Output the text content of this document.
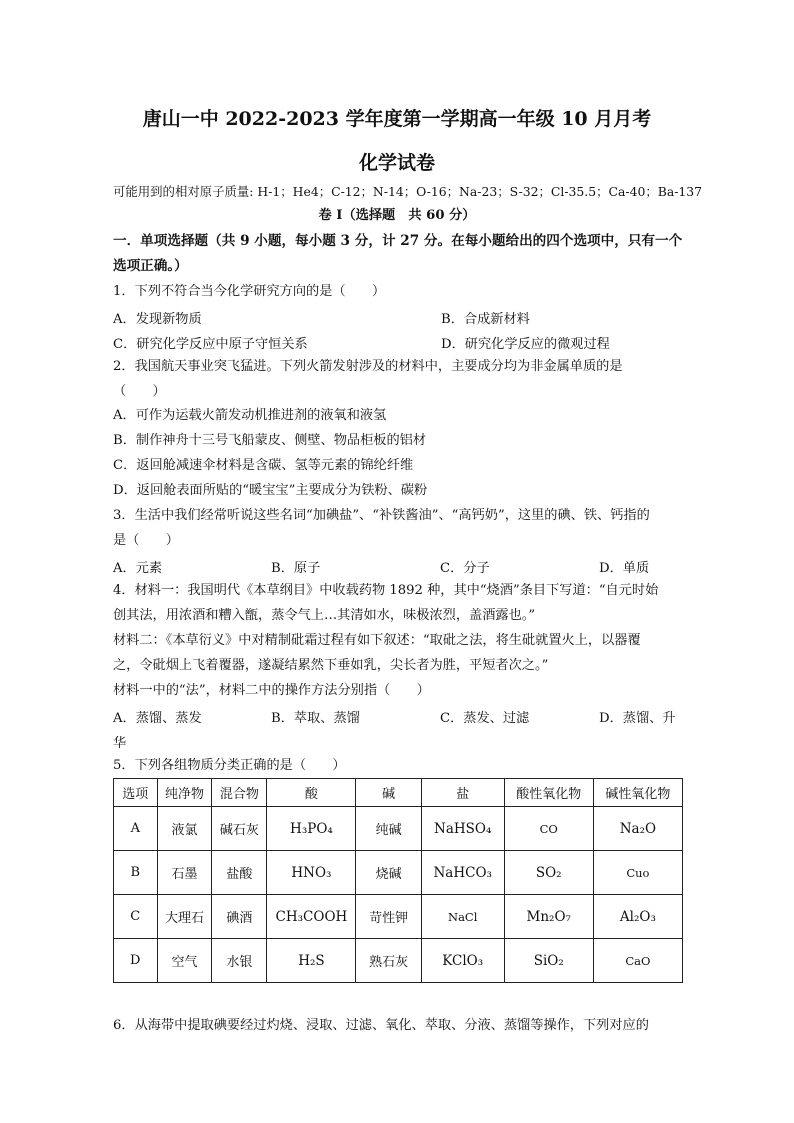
唐山一中 2022-2023 学年度第一学期高一年级 10 月月考
化学试卷
可能用到的相对原子质量: H-1；He4；C-12；N-14；O-16；Na-23；S-32；Cl-35.5；Ca-40；Ba-137
卷 I（选择题　共 60 分）
一．单项选择题（共 9 小题，每小题 3 分，计 27 分。在每小题给出的四个选项中，只有一个
选项正确。）
1．下列不符合当今化学研究方向的是（　　）
A．发现新物质	B．合成新材料
C．研究化学反应中原子守恒关系	D．研究化学反应的微观过程
2．我国航天事业突飞猛进。下列火箭发射涉及的材料中，主要成分均为非金属单质的是
（　　）
A．可作为运载火箭发动机推进剂的液氧和液氢
B．制作神舟十三号飞船蒙皮、侧壁、物品柜板的铝材
C．返回舱减速伞材料是含碳、氢等元素的锦纶纤维
D．返回舱表面所贴的“暖宝宝”主要成分为铁粉、碳粉
3．生活中我们经常听说这些名词“加碘盐”、“补铁酱油”、“高钙奶”，这里的碘、铁、钙指的
是（　　）
A．元素	B．原子	C．分子	D．单质
4．材料一：我国明代《本草纲目》中收载药物 1892 种，其中“烧酒”条目下写道：“自元时始
创其法，用浓酒和糟入甑，蒸令气上…其清如水，味极浓烈，盖酒露也。”
材料二：《本草衍义》中对精制砒霜过程有如下叙述：“取砒之法，将生砒就置火上，以器覆
之，令砒烟上飞着覆器，遂凝结累然下垂如乳，尖长者为胜，平短者次之。”
材料一中的“法”，材料二中的操作方法分别指（　　）
A．蒸馏、蒸发	B．萃取、蒸馏	C．蒸发、过滤	D．蒸馏、升
华
5．下列各组物质分类正确的是（　　）
选项	纯净物	混合物	酸	碱	盐	酸性氧化物	碱性氧化物
A	液氯	碱石灰	H₃PO₄	纯碱	NaHSO₄	CO	Na₂O
B	石墨	盐酸	HNO₃	烧碱	NaHCO₃	SO₂	Cuo
C	大理石	碘酒	CH₃COOH	苛性钾	NaCl	Mn₂O₇	Al₂O₃
D	空气	水银	H₂S	熟石灰	KClO₃	SiO₂	CaO
6．从海带中提取碘要经过灼烧、浸取、过滤、氧化、萃取、分液、蒸馏等操作，下列对应的
